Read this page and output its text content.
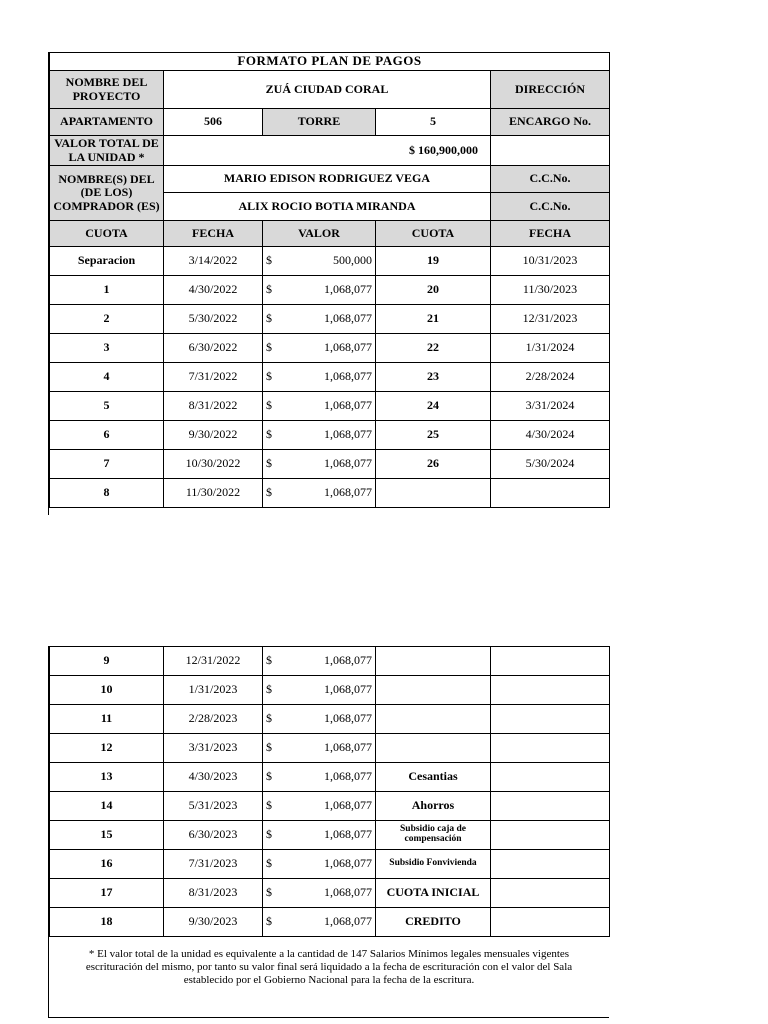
FORMATO PLAN DE PAGOS				
NOMBRE DEL PROYECTO	ZUÁ CIUDAD CORAL			DIRECCIÓN
APARTAMENTO	506	TORRE	5	ENCARGO No.
VALOR TOTAL DE LA UNIDAD *	$ 160,900,000			
NOMBRE(S) DEL (DE LOS) COMPRADOR (ES)	MARIO EDISON RODRIGUEZ VEGA			C.C.No.
	ALIX ROCIO BOTIA MIRANDA			C.C.No.
CUOTA	FECHA	VALOR	CUOTA	FECHA
Separacion	3/14/2022	$ 500,000	19	10/31/2023
1	4/30/2022	$ 1,068,077	20	11/30/2023
2	5/30/2022	$ 1,068,077	21	12/31/2023
3	6/30/2022	$ 1,068,077	22	1/31/2024
4	7/31/2022	$ 1,068,077	23	2/28/2024
5	8/31/2022	$ 1,068,077	24	3/31/2024
6	9/30/2022	$ 1,068,077	25	4/30/2024
7	10/30/2022	$ 1,068,077	26	5/30/2024
8	11/30/2022	$ 1,068,077		

9	12/31/2022	$ 1,068,077		

10	1/31/2023	$ 1,068,077		

11	2/28/2023	$ 1,068,077		

12	3/31/2023	$ 1,068,077		

13	4/30/2023	$ 1,068,077	Cesantias	
14	5/31/2023	$ 1,068,077	Ahorros	
15	6/30/2023	$ 1,068,077	Subsidio caja de compensación	
16	7/31/2023	$ 1,068,077	Subsidio Fonvivienda	
17	8/31/2023	$ 1,068,077	CUOTA INICIAL	
18	9/30/2023	$ 1,068,077	CREDITO	
* El valor total de la unidad es equivalente a la cantidad de 147 Salarios Mínimos legales mensuales vigentes
escrituración del mismo, por tanto su valor final será liquidado a la fecha de escrituración con el valor del Sala
establecido por el Gobierno Nacional para la fecha de la escritura.
